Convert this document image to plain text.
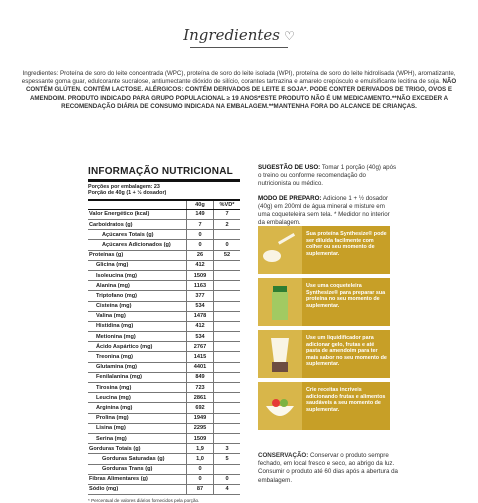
Ingredientes ♡
Ingredientes: Proteína de soro do leite concentrada (WPC), proteína de soro do leite isolada (WPI), proteína de soro do leite hidrolisada (WPH), aromatizante, espessante goma guar, edulcorante sucralose, antiumectante dióxido de silício, corantes tartrazina e amarelo crepúsculo e emulsificante lecitina de soja. NÃO CONTÉM GLÚTEN. CONTÉM LACTOSE. ALÉRGICOS: CONTÉM DERIVADOS DE LEITE E SOJA*. PODE CONTER DERIVADOS DE TRIGO, OVOS E AMENDOIM. PRODUTO INDICADO PARA GRUPO POPULACIONAL ≥ 19 ANOS*ESTE PRODUTO NÃO É UM MEDICAMENTO.**NÃO EXCEDER A RECOMENDAÇÃO DIÁRIA DE CONSUMO INDICADA NA EMBALAGEM.**MANTENHA FORA DO ALCANCE DE CRIANÇAS.
INFORMAÇÃO NUTRICIONAL
Porções por embalagem: 23
Porção de 40g (1 + ½ dosador)
	40g	%VD*
Valor Energético (kcal)	149	7
Carboidratos (g)	7	2
Açúcares Totais (g)	0	
Açúcares Adicionados (g)	0	0
Proteínas (g)	26	52
Glicina (mg)	412	
Isoleucina (mg)	1509	
Alanina (mg)	1163	
Triptofano (mg)	377	
Cisteína (mg)	534	
Valina (mg)	1478	
Histidina (mg)	412	
Metionina (mg)	534	
Ácido Aspártico (mg)	2767	
Treonina (mg)	1415	
Glutamina (mg)	4401	
Fenilalanina (mg)	849	
Tirosina (mg)	723	
Leucina (mg)	2861	
Arginina (mg)	692	
Prolina (mg)	1949	
Lisina (mg)	2295	
Serina (mg)	1509	
Gorduras Totais (g)	1,9	3
Gorduras Saturadas (g)	1,0	5
Gorduras Trans (g)	0	
Fibras Alimentares (g)	0	0
Sódio (mg)	87	4
* Percentual de valores diários fornecidos pela porção.

SUGESTÃO DE USO: Tomar 1 porção (40g) após o treino ou conforme recomendação do nutricionista ou médico.

MODO DE PREPARO: Adicione 1 + ½ dosador (40g) em 200ml de água mineral e misture em uma coqueteleira sem tela. * Medidor no interior da embalagem.

Sua proteína Synthesize® pode ser diluída facilmente com colher ou seu momento de suplementar.
Use uma coqueteleira Synthesize® para preparar sua proteína no seu momento de suplementar.
Use um liquidificador para adicionar gelo, frutas e até pasta de amendoim para ter mais sabor no seu momento de suplementar.
Crie receitas incríveis adicionando frutas e alimentos saudáveis a seu momento de suplementar.
CONSERVAÇÃO: Conservar o produto sempre fechado, em local fresco e seco, ao abrigo da luz. Consumir o produto até 60 dias após a abertura da embalagem.
